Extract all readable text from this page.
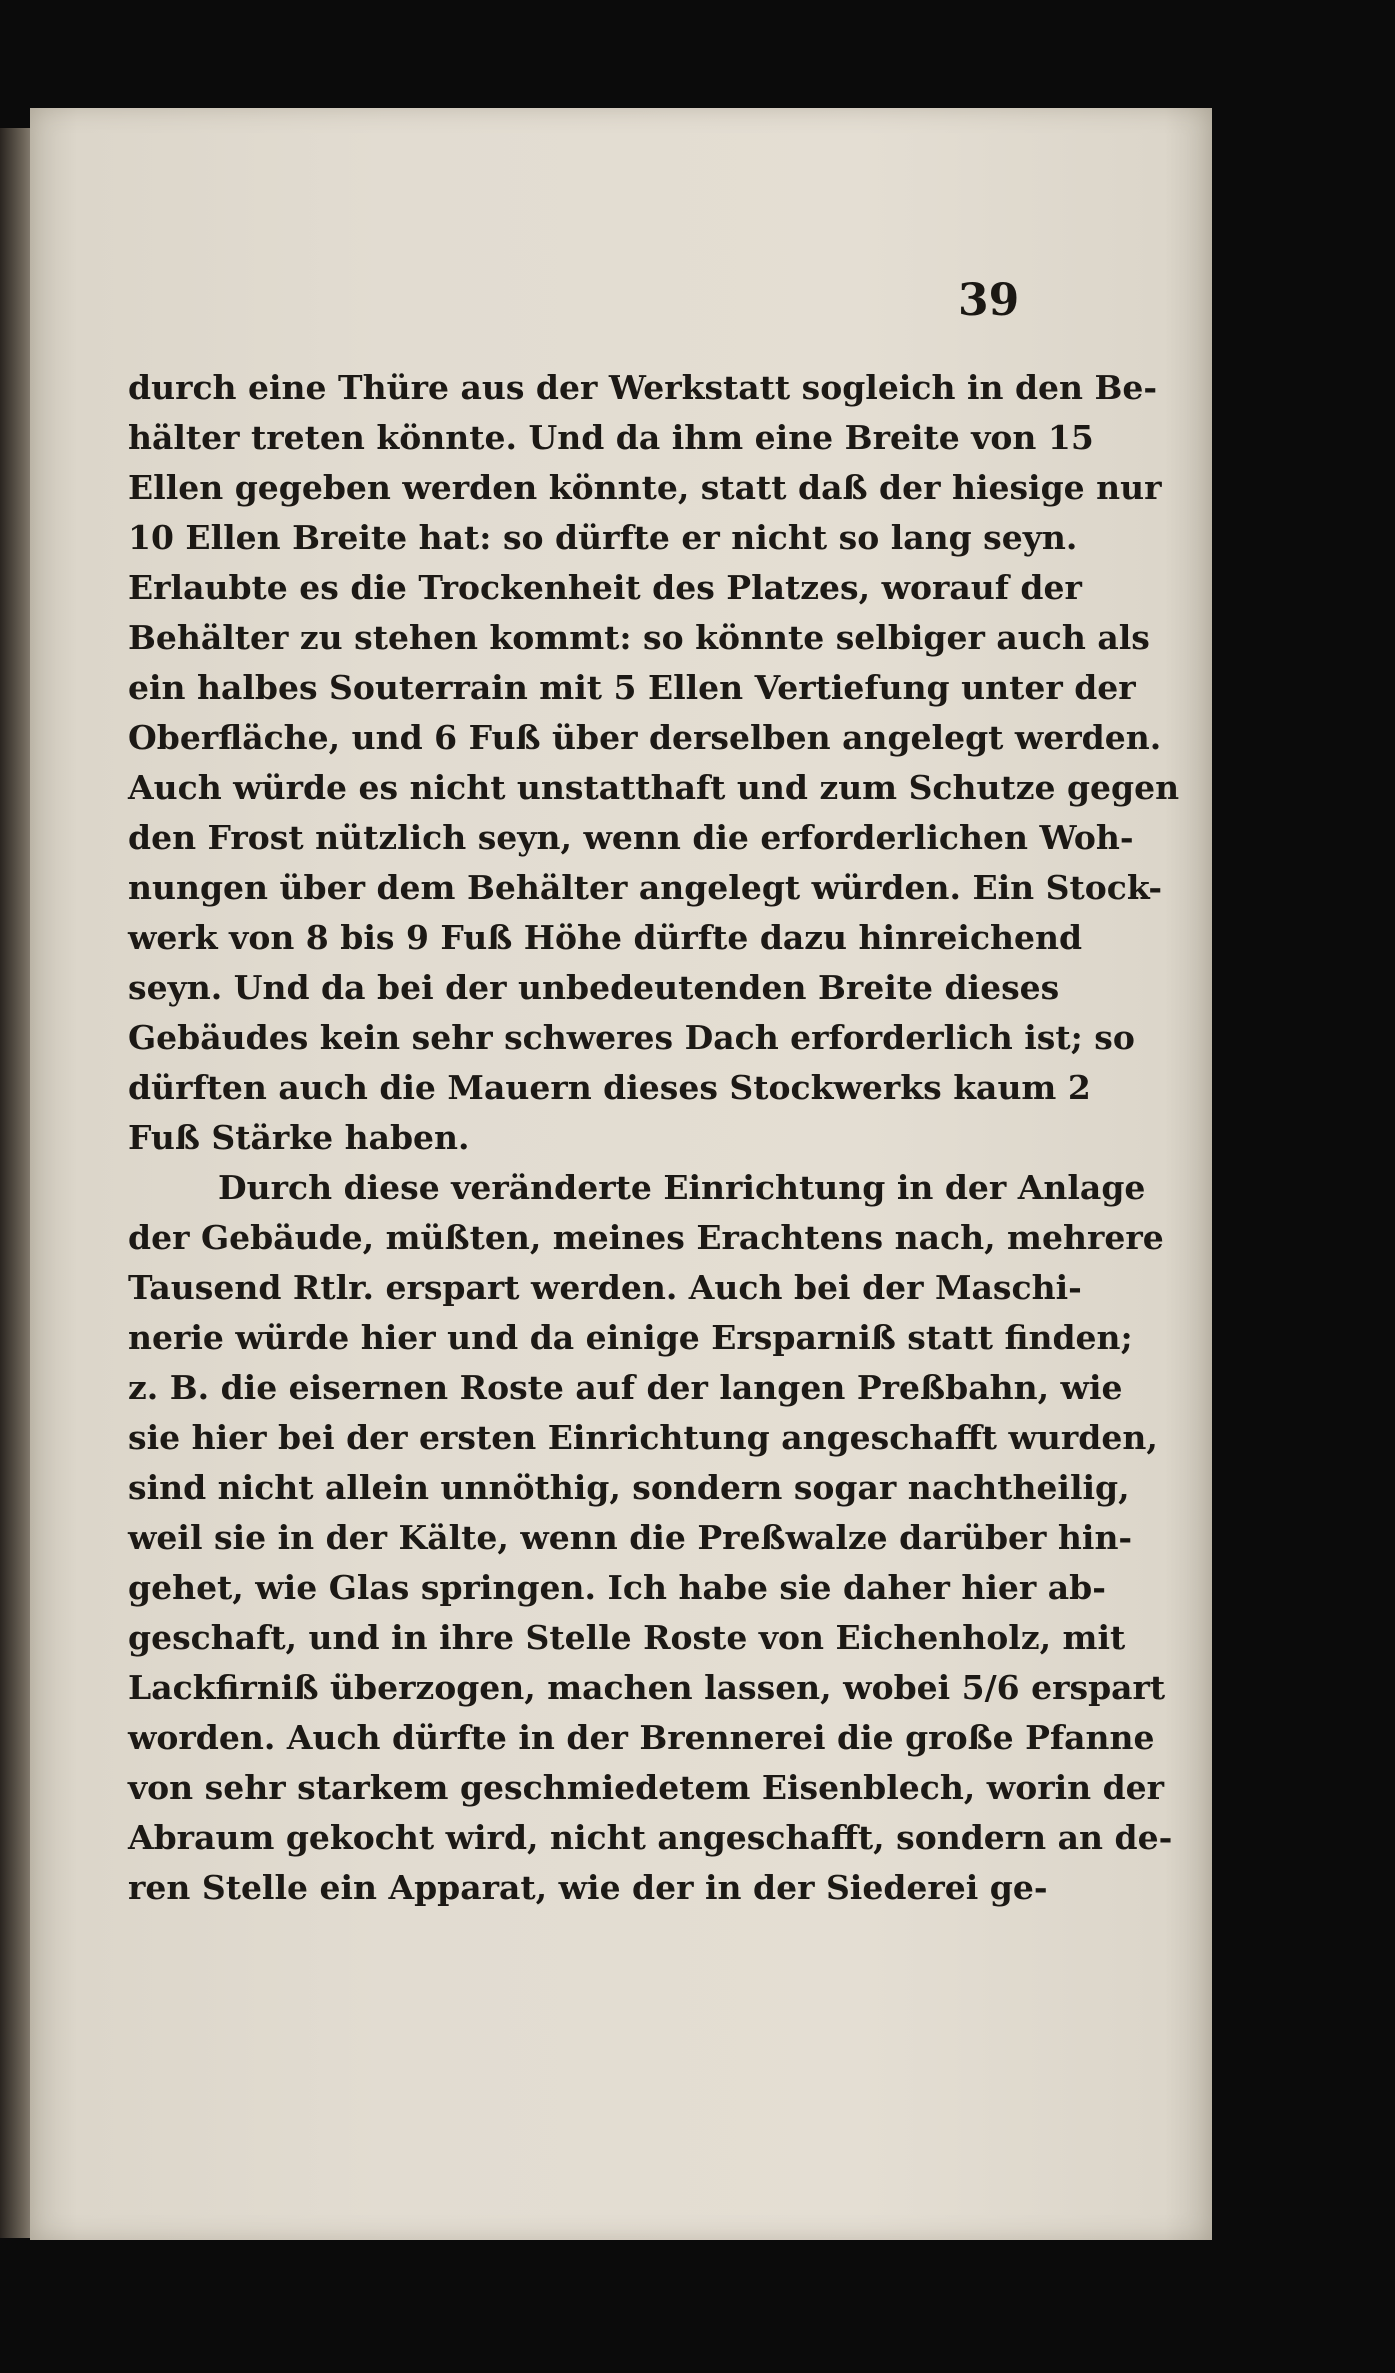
39
durch eine Thüre aus der Werkstatt sogleich in den Be-
hälter treten könnte. Und da ihm eine Breite von 15
Ellen gegeben werden könnte, statt daß der hiesige nur
10 Ellen Breite hat: so dürfte er nicht so lang seyn.
Erlaubte es die Trockenheit des Platzes, worauf der
Behälter zu stehen kommt: so könnte selbiger auch als
ein halbes Souterrain mit 5 Ellen Vertiefung unter der
Oberfläche, und 6 Fuß über derselben angelegt werden.
Auch würde es nicht unstatthaft und zum Schutze gegen
den Frost nützlich seyn, wenn die erforderlichen Woh-
nungen über dem Behälter angelegt würden. Ein Stock-
werk von 8 bis 9 Fuß Höhe dürfte dazu hinreichend
seyn. Und da bei der unbedeutenden Breite dieses
Gebäudes kein sehr schweres Dach erforderlich ist; so
dürften auch die Mauern dieses Stockwerks kaum 2
Fuß Stärke haben.
Durch diese veränderte Einrichtung in der Anlage
der Gebäude, müßten, meines Erachtens nach, mehrere
Tausend Rtlr. erspart werden. Auch bei der Maschi-
nerie würde hier und da einige Ersparniß statt finden;
z. B. die eisernen Roste auf der langen Preßbahn, wie
sie hier bei der ersten Einrichtung angeschafft wurden,
sind nicht allein unnöthig, sondern sogar nachtheilig,
weil sie in der Kälte, wenn die Preßwalze darüber hin-
gehet, wie Glas springen. Ich habe sie daher hier ab-
geschaft, und in ihre Stelle Roste von Eichenholz, mit
Lackfirniß überzogen, machen lassen, wobei 5/6 erspart
worden. Auch dürfte in der Brennerei die große Pfanne
von sehr starkem geschmiedetem Eisenblech, worin der
Abraum gekocht wird, nicht angeschafft, sondern an de-
ren Stelle ein Apparat, wie der in der Siederei ge-
